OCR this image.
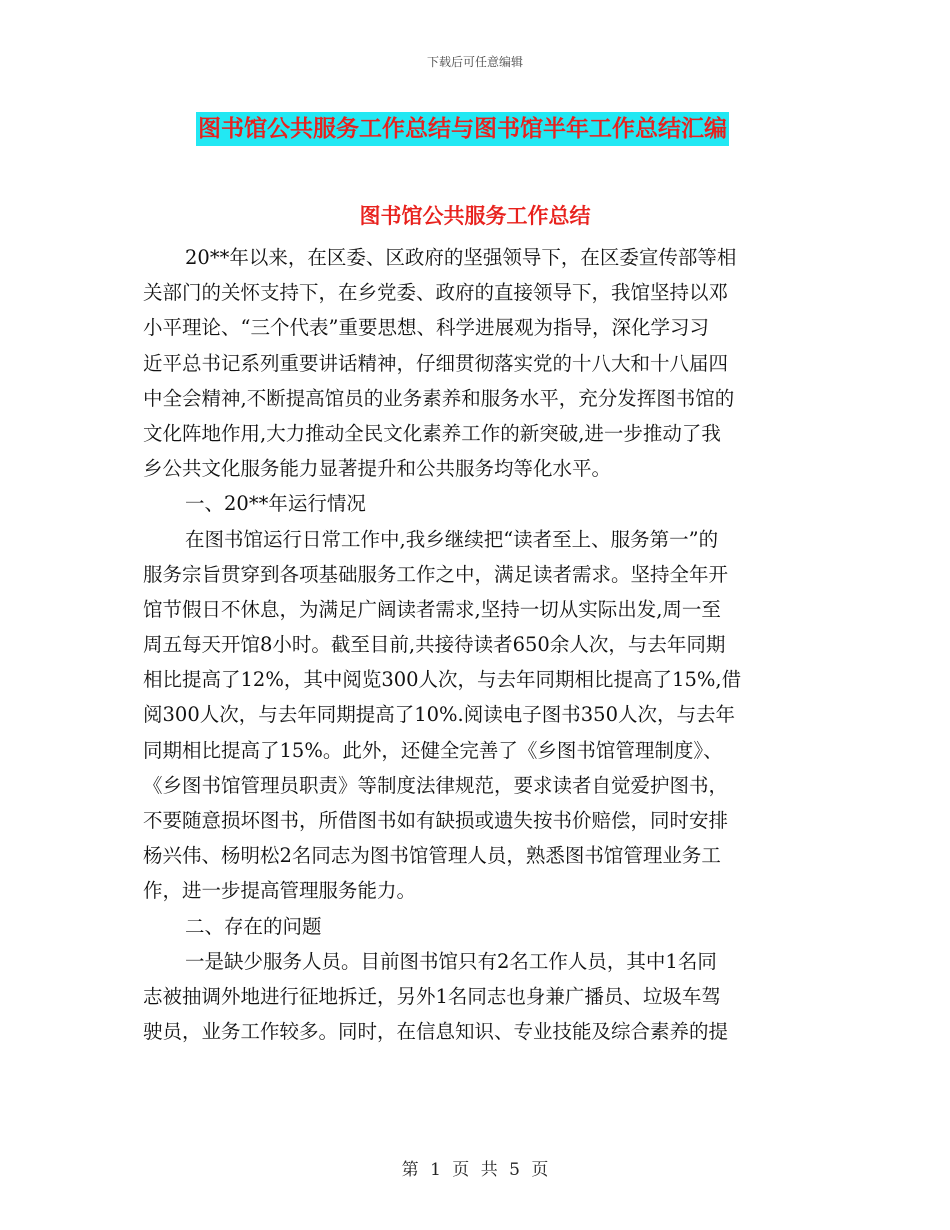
下载后可任意编辑
图书馆公共服务工作总结与图书馆半年工作总结汇编
图书馆公共服务工作总结
20**年以来，在区委、区政府的坚强领导下，在区委宣传部等相
关部门的关怀支持下，在乡党委、政府的直接领导下，我馆坚持以邓
小平理论、“三个代表”重要思想、科学进展观为指导，深化学习习
近平总书记系列重要讲话精神，仔细贯彻落实党的十八大和十八届四
中全会精神,不断提高馆员的业务素养和服务水平，充分发挥图书馆的
文化阵地作用,大力推动全民文化素养工作的新突破,进一步推动了我
乡公共文化服务能力显著提升和公共服务均等化水平。
一、20**年运行情况
在图书馆运行日常工作中,我乡继续把“读者至上、服务第一”的
服务宗旨贯穿到各项基础服务工作之中，满足读者需求。坚持全年开
馆节假日不休息，为满足广阔读者需求,坚持一切从实际出发,周一至
周五每天开馆8小时。截至目前,共接待读者650余人次，与去年同期
相比提高了12%，其中阅览300人次，与去年同期相比提高了15%,借
阅300人次，与去年同期提高了10%.阅读电子图书350人次，与去年
同期相比提高了15%。此外，还健全完善了《乡图书馆管理制度》、
《乡图书馆管理员职责》等制度法律规范，要求读者自觉爱护图书，
不要随意损坏图书，所借图书如有缺损或遗失按书价赔偿，同时安排
杨兴伟、杨明松2名同志为图书馆管理人员，熟悉图书馆管理业务工
作，进一步提高管理服务能力。
二、存在的问题
一是缺少服务人员。目前图书馆只有2名工作人员，其中1名同
志被抽调外地进行征地拆迁，另外1名同志也身兼广播员、垃圾车驾
驶员，业务工作较多。同时，在信息知识、专业技能及综合素养的提
第 1 页 共 5 页
